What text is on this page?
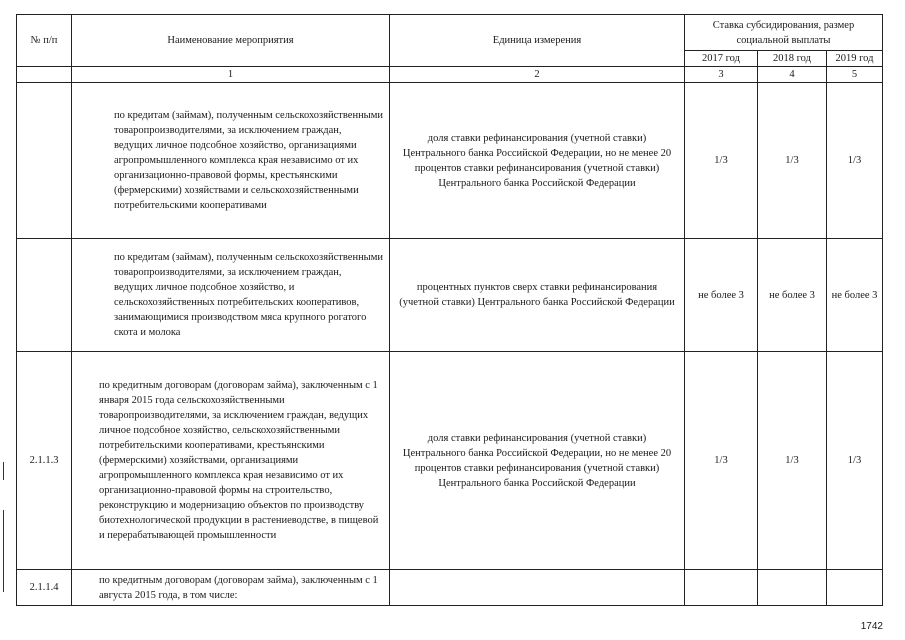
№ п/п	Наименование мероприятия	Единица измерения	Ставка субсидирования, размер социальной выплаты		
			2017 год	2018 год	2019 год
	1	2	3	4	5
	по кредитам (займам), полученным сельскохозяйственными товаропроизводителями, за исключением граждан, ведущих личное подсобное хозяйство, организациями агропромышленного комплекса края независимо от их организационно-правовой формы, крестьянскими (фермерскими) хозяйствами и сельскохозяйственными потребительскими кооперативами	доля ставки рефинансирования (учетной ставки) Центрального банка Российской Федерации, но не менее 20 процентов ставки рефинансирования (учетной ставки) Центрального банка Российской Федерации	1/3	1/3	1/3
	по кредитам (займам), полученным сельскохозяйственными товаропроизводителями, за исключением граждан, ведущих личное подсобное хозяйство, и сельскохозяйственных потребительских кооперативов, занимающимися производством мяса крупного рогатого скота и молока	процентных пунктов сверх ставки рефинансирования (учетной ставки) Центрального банка Российской Федерации	не более 3	не более 3	не более 3
2.1.1.3	по кредитным договорам (договорам займа), заключенным с 1 января 2015 года сельскохозяйственными товаропроизводителями, за исключением граждан, ведущих личное подсобное хозяйство, сельскохозяйственными потребительскими кооперативами, крестьянскими (фермерскими) хозяйствами, организациями агропромышленного комплекса края независимо от их организационно-правовой формы на строительство, реконструкцию и модернизацию объектов по производству биотехнологической продукции в растениеводстве, в пищевой и перерабатывающей промышленности	доля ставки рефинансирования (учетной ставки) Центрального банка Российской Федерации, но не менее 20 процентов ставки рефинансирования (учетной ставки) Центрального банка Российской Федерации	1/3	1/3	1/3
2.1.1.4	по кредитным договорам (договорам займа), заключенным с 1 августа 2015 года, в том числе:				
1742
